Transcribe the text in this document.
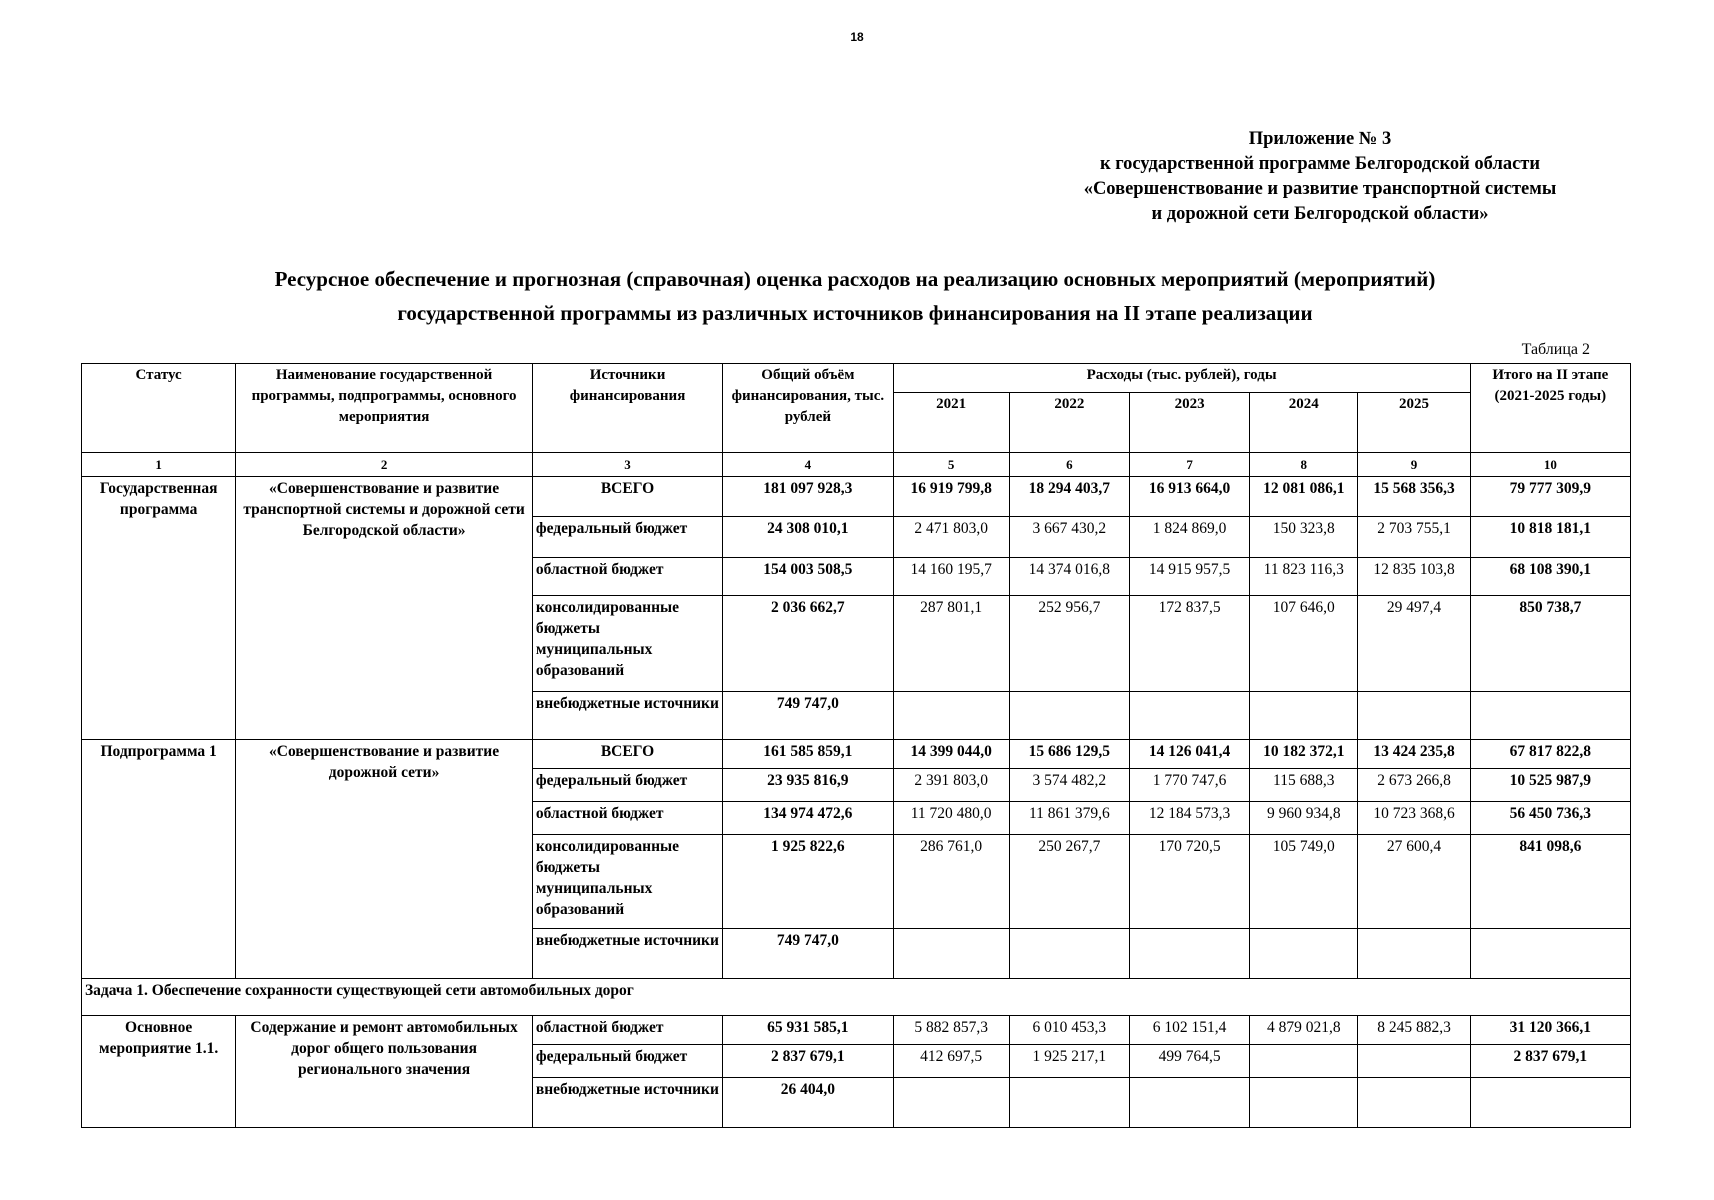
18
Приложение № 3
к государственной программе Белгородской области
«Совершенствование и развитие транспортной системы
и дорожной сети Белгородской области»
Ресурсное обеспечение и прогнозная (справочная) оценка расходов на реализацию основных мероприятий (мероприятий)
государственной программы из различных источников финансирования на II этапе реализации
Таблица 2
Статус	Наименование государственной программы, подпрограммы, основного мероприятия	Источники финансирования	Общий объём финансирования, тыс. рублей	Расходы (тыс. рублей), годы					Итого на II этапе (2021-2025 годы)
				2021	2022	2023	2024	2025	
1	2	3	4	5	6	7	8	9	10
Государственная программа	«Совершенствование и развитие транспортной системы и дорожной сети Белгородской области»	ВСЕГО	181 097 928,3	16 919 799,8	18 294 403,7	16 913 664,0	12 081 086,1	15 568 356,3	79 777 309,9
		федеральный бюджет	24 308 010,1	2 471 803,0	3 667 430,2	1 824 869,0	150 323,8	2 703 755,1	10 818 181,1
		областной бюджет	154 003 508,5	14 160 195,7	14 374 016,8	14 915 957,5	11 823 116,3	12 835 103,8	68 108 390,1
		консолидированные бюджеты муниципальных образований	2 036 662,7	287 801,1	252 956,7	172 837,5	107 646,0	29 497,4	850 738,7
		внебюджетные источники	749 747,0						
Подпрограмма 1	«Совершенствование и развитие дорожной сети»	ВСЕГО	161 585 859,1	14 399 044,0	15 686 129,5	14 126 041,4	10 182 372,1	13 424 235,8	67 817 822,8
		федеральный бюджет	23 935 816,9	2 391 803,0	3 574 482,2	1 770 747,6	115 688,3	2 673 266,8	10 525 987,9
		областной бюджет	134 974 472,6	11 720 480,0	11 861 379,6	12 184 573,3	9 960 934,8	10 723 368,6	56 450 736,3
		консолидированные бюджеты муниципальных образований	1 925 822,6	286 761,0	250 267,7	170 720,5	105 749,0	27 600,4	841 098,6
		внебюджетные источники	749 747,0						
Задача 1. Обеспечение сохранности существующей сети автомобильных дорог									
Основное мероприятие 1.1.	Содержание и ремонт автомобильных дорог общего пользования регионального значения	областной бюджет	65 931 585,1	5 882 857,3	6 010 453,3	6 102 151,4	4 879 021,8	8 245 882,3	31 120 366,1
		федеральный бюджет	2 837 679,1	412 697,5	1 925 217,1	499 764,5			2 837 679,1
		внебюджетные источники	26 404,0						
